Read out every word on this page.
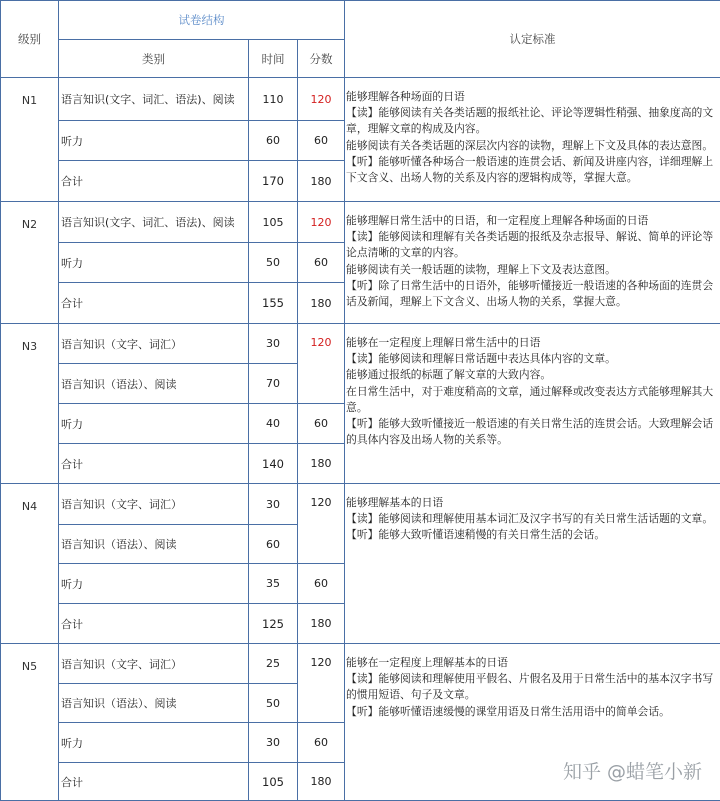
级别	试卷结构			认定标准
	类别	时间	分数	
N1	语言知识(文字、词汇、语法)、阅读	110	120	能够理解各种场面的日语
【读】能够阅读有关各类话题的报纸社论、评论等逻辑性稍强、抽象度高的文章，理解文章的构成及内容。
能够阅读有关各类话题的深层次内容的读物，理解上下文及具体的表达意图。
【听】能够听懂各种场合一般语速的连贯会话、新闻及讲座内容，详细理解上下文含义、出场人物的关系及内容的逻辑构成等，掌握大意。

	听力	60	60	
	合计	170	180	
N2	语言知识(文字、词汇、语法)、阅读	105	120	能够理解日常生活中的日语，和一定程度上理解各种场面的日语
【读】能够阅读和理解有关各类话题的报纸及杂志报导、解说、简单的评论等论点清晰的文章的内容。
能够阅读有关一般话题的读物，理解上下文及表达意图。
【听】除了日常生活中的日语外，能够听懂接近一般语速的各种场面的连贯会话及新闻，理解上下文含义、出场人物的关系，掌握大意。

	听力	50	60	
	合计	155	180	
N3	语言知识（文字、词汇）	30	120	能够在一定程度上理解日常生活中的日语
【读】能够阅读和理解日常话题中表达具体内容的文章。
能够通过报纸的标题了解文章的大致内容。
在日常生活中，对于难度稍高的文章，通过解释或改变表达方式能够理解其大意。
【听】能够大致听懂接近一般语速的有关日常生活的连贯会话。大致理解会话的具体内容及出场人物的关系等。

	语言知识（语法）、阅读	70		
	听力	40	60	
	合计	140	180	
N4	语言知识（文字、词汇）	30	120	能够理解基本的日语
【读】能够阅读和理解使用基本词汇及汉字书写的有关日常生活话题的文章。
【听】能够大致听懂语速稍慢的有关日常生活的会话。

	语言知识（语法）、阅读	60		
	听力	35	60	
	合计	125	180	
N5	语言知识（文字、词汇）	25	120	能够在一定程度上理解基本的日语
【读】能够阅读和理解使用平假名、片假名及用于日常生活中的基本汉字书写的惯用短语、句子及文章。
【听】能够听懂语速缓慢的课堂用语及日常生活用语中的简单会话。

	语言知识（语法）、阅读	50		
	听力	30	60	
	合计	105	180		知乎 @蜡笔小新
